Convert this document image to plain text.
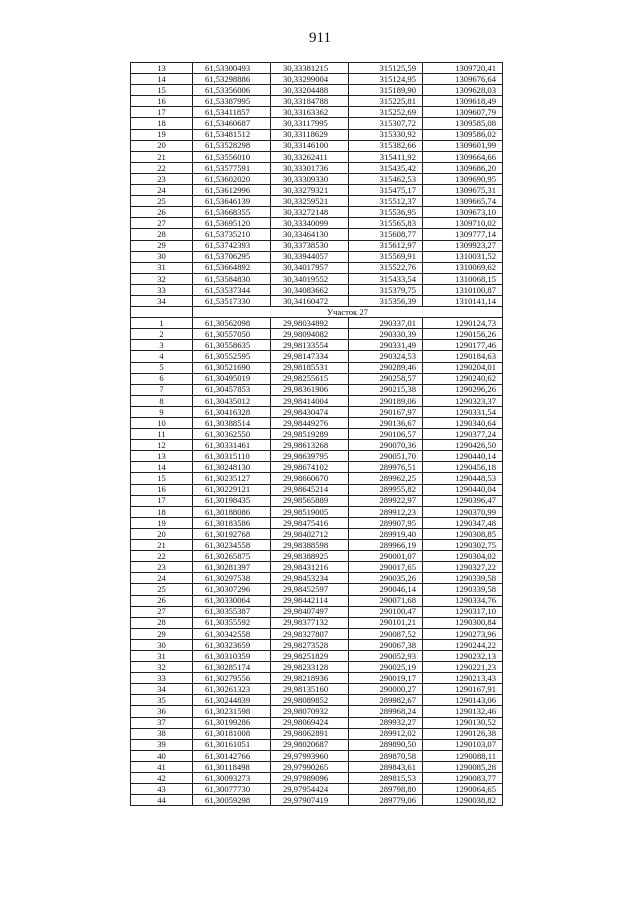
911
13	61,53300493	30,33381215	315125,59	1309720,41
14	61,53298886	30,33299004	315124,95	1309676,64
15	61,53356006	30,33204488	315189,90	1309628,03
16	61,53387995	30,33184788	315225,81	1309618,49
17	61,53411857	30,33163362	315252,69	1309607,79
18	61,53460687	30,33117995	315307,72	1309585,08
19	61,53481512	30,33118629	315330,92	1309586,02
20	61,53528298	30,33146100	315382,66	1309601,99
21	61,53556010	30,33262411	315411,92	1309664,66
22	61,53577591	30,33301736	315435,42	1309686,20
23	61,53602020	30,33309330	315462,53	1309690,95
24	61,53612996	30,33279321	315475,17	1309675,31
25	61,53646139	30,33259521	315512,37	1309665,74
26	61,53668355	30,33272148	315536,95	1309673,10
27	61,53695120	30,33340099	315565,83	1309710,02
28	61,53735210	30,33464130	315608,77	1309777,14
29	61,53742393	30,33738530	315612,97	1309923,27
30	61,53706295	30,33944057	315569,91	1310031,52
31	61,53664892	30,34017957	315522,76	1310069,62
32	61,53584830	30,34019552	315433,54	1310068,15
33	61,53537344	30,34083662	315379,75	1310100,87
34	61,53517330	30,34160472	315356,39	1310141,14
	Участок 27			
1	61,30562098	29,98034892	290337,01	1290124,73
2	61,30557050	29,98094082	290330,39	1290156,26
3	61,30558635	29,98133554	290331,49	1290177,46
4	61,30552595	29,98147334	290324,53	1290184,63
5	61,30521690	29,98185531	290289,46	1290204,01
6	61,30495019	29,98255615	290258,57	1290240,62
7	61,30457853	29,98361906	290215,38	1290296,26
8	61,30435012	29,98414004	290189,06	1290323,37
9	61,30416328	29,98430474	290167,97	1290331,54
10	61,30388514	29,98449276	290136,67	1290340,64
11	61,30362550	29,98519289	290106,57	1290377,24
12	61,30331461	29,98613268	290070,36	1290426,50
13	61,30315110	29,98639795	290051,70	1290440,14
14	61,30248130	29,98674102	289976,51	1290456,18
15	61,30235127	29,98660670	289962,25	1290448,53
16	61,30229121	29,98645214	289955,82	1290440,04
17	61,30198435	29,98565889	289922,97	1290396,47
18	61,30188086	29,98519005	289912,23	1290370,99
19	61,30183586	29,98475416	289907,95	1290347,48
20	61,30192768	29,98402712	289919,40	1290308,85
21	61,30234558	29,98388598	289966,19	1290302,75
22	61,30265875	29,98388925	290001,07	1290304,02
23	61,30281397	29,98431216	290017,65	1290327,22
24	61,30297538	29,98453234	290035,26	1290339,58
25	61,30307296	29,98452597	290046,14	1290339,58
26	61,30330064	29,98442114	290071,68	1290334,76
27	61,30355387	29,98407497	290100,47	1290317,10
28	61,30355592	29,98377132	290101,21	1290300,84
29	61,30342558	29,98327807	290087,52	1290273,96
30	61,30323659	29,98273528	290067,38	1290244,22
31	61,30310359	29,98251829	290052,93	1290232,13
32	61,30285174	29,98233128	290025,19	1290221,23
33	61,30279556	29,98218936	290019,17	1290213,43
34	61,30261323	29,98135160	290000,27	1290167,91
35	61,30244839	29,98089852	289982,67	1290143,06
36	61,30231598	29,98070932	289968,24	1290132,46
37	61,30199286	29,98069424	289932,27	1290130,52
38	61,30181008	29,98062891	289912,02	1290126,38
39	61,30161051	29,98020687	289890,50	1290103,07
40	61,30142766	29,97993960	289870,58	1290088,11
41	61,30118498	29,97990265	289843,61	1290085,28
42	61,30093273	29,97989096	289815,53	1290083,77
43	61,30077730	29,97954424	289798,80	1290064,65
44	61,30059298	29,97907419	289779,06	1290038,82
